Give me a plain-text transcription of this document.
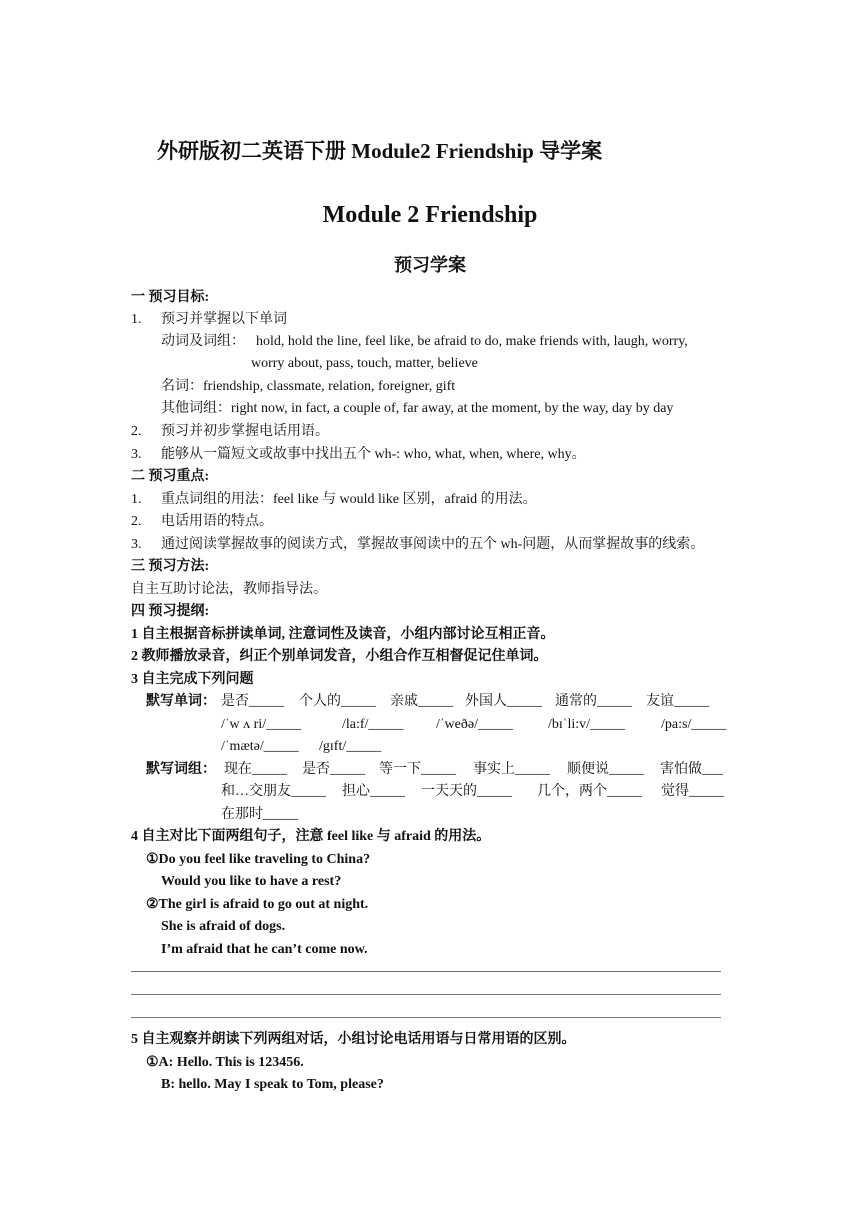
外研版初二英语下册 Module2 Friendship 导学案
Module 2 Friendship
预习学案
一 预习目标:
1. 预习并掌握以下单词
动词及词组： hold, hold the line, feel like, be afraid to do, make friends with, laugh, worry,
worry about, pass, touch, matter, believe
名词：friendship, classmate, relation, foreigner, gift
其他词组：right now, in fact, a couple of, far away, at the moment, by the way, day by day
2. 预习并初步掌握电话用语。
3. 能够从一篇短文或故事中找出五个 wh-: who, what, when, where, why。
二 预习重点:
1. 重点词组的用法：feel like 与 would like 区别，afraid 的用法。
2. 电话用语的特点。
3. 通过阅读掌握故事的阅读方式，掌握故事阅读中的五个 wh-问题，从而掌握故事的线索。
三 预习方法:
自主互助讨论法，教师指导法。
四 预习提纲:
1 自主根据音标拼读单词, 注意词性及读音，小组内部讨论互相正音。
2 教师播放录音，纠正个别单词发音，小组合作互相督促记住单词。
3 自主完成下列问题
默写单词： 是否_____ 个人的_____ 亲戚_____ 外国人_____ 通常的_____ 友谊_____
/ˈw ʌ ri/_____	/la:f/_____ /ˈweðə/_____	/bɪˈli:v/_____	/pa:s/_____
/ˈmætə/_____ /gɪft/_____
默写词组： 现在_____ 是否_____ 等一下_____ 事实上_____ 顺便说_____ 害怕做___
和…交朋友_____ 担心_____ 一天天的_____ 几个，两个_____ 觉得_____
在那时_____
4 自主对比下面两组句子，注意 feel like 与 afraid 的用法。
①Do you feel like traveling to China?
Would you like to have a rest?
②The girl is afraid to go out at night.
She is afraid of dogs.
I’m afraid that he can’t come now.
5 自主观察并朗读下列两组对话，小组讨论电话用语与日常用语的区别。
①A: Hello. This is 123456.
B: hello. May I speak to Tom, please?
